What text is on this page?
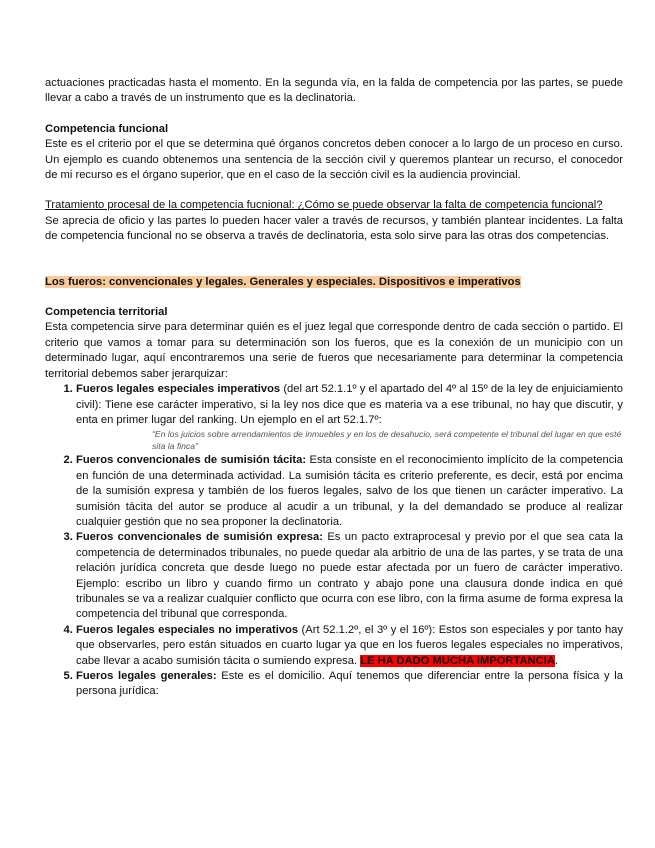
actuaciones practicadas hasta el momento. En la segunda vía, en la falda de competencia por las partes, se puede llevar a cabo a través de un instrumento que es la declinatoria.

Competencia funcional

Este es el criterio por el que se determina qué órganos concretos deben conocer a lo largo de un proceso en curso. Un ejemplo es cuando obtenemos una sentencia de la sección civil y queremos plantear un recurso, el conocedor de mi recurso es el órgano superior, que en el caso de la sección civil es la audiencia provincial.

Tratamiento procesal de la competencia fucnional: ¿Cómo se puede observar la falta de competencia funcional?

Se aprecia de oficio y las partes lo pueden hacer valer a través de recursos, y también plantear incidentes. La falta de competencia funcional no se observa a través de declinatoria, esta solo sirve para las otras dos competencias.

Los fueros: convencionales y legales. Generales y especiales. Dispositivos e imperativos

Competencia territorial

Esta competencia sirve para determinar quién es el juez legal que corresponde dentro de cada sección o partido. El criterio que vamos a tomar para su determinación son los fueros, que es la conexión de un municipio con un determinado lugar, aquí encontraremos una serie de fueros que necesariamente para determinar la competencia territorial debemos saber jerarquizar:

1. Fueros legales especiales imperativos (del art 52.1.1º y el apartado del 4º al 15º de la ley de enjuiciamiento civil): Tiene ese carácter imperativo, si la ley nos dice que es materia va a ese tribunal, no hay que discutir, y enta en primer lugar del ranking. Un ejemplo en el art 52.1.7º:

“En los juicios sobre arrendamientos de inmuebles y en los de desahucio, será competente el tribunal del lugar en que esté sita la finca”

2. Fueros convencionales de sumisión tácita: Esta consiste en el reconocimiento implícito de la competencia en función de una determinada actividad. La sumisión tácita es criterio preferente, es decir, está por encima de la sumisión expresa y también de los fueros legales, salvo de los que tienen un carácter imperativo. La sumisión tácita del autor se produce al acudir a un tribunal, y la del demandado se produce al realizar cualquier gestión que no sea proponer la declinatoria.
3. Fueros convencionales de sumisión expresa: Es un pacto extraprocesal y previo por el que sea cata la competencia de determinados tribunales, no puede quedar ala arbitrio de una de las partes, y se trata de una relación jurídica concreta que desde luego no puede estar afectada por un fuero de carácter imperativo. Ejemplo: escribo un libro y cuando firmo un contrato y abajo pone una clausura donde indica en qué tribunales se va a realizar cualquier conflicto que ocurra con ese libro, con la firma asume de forma expresa la competencia del tribunal que corresponda.
4. Fueros legales especiales no imperativos (Art 52.1.2º, el 3º y el 16º): Estos son especiales y por tanto hay que observarles, pero están situados en cuarto lugar ya que en los fueros legales especiales no imperativos, cabe llevar a acabo sumisión tácita o sumiendo expresa. LE HA DADO MUCHA IMPORTANCIA.
5. Fueros legales generales: Este es el domicilio. Aquí tenemos que diferenciar entre la persona física y la persona jurídica:
